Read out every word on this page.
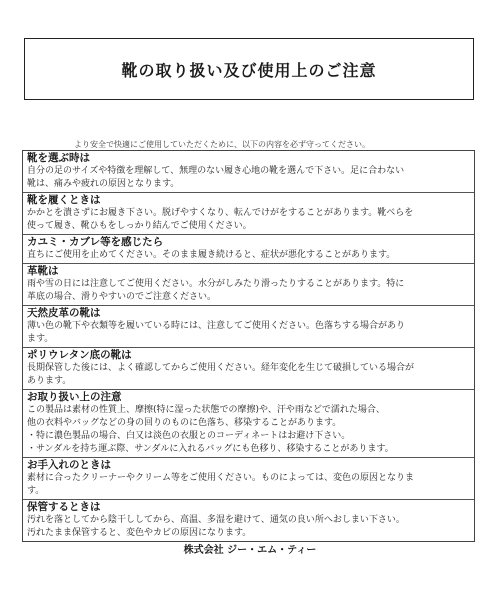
靴の取り扱い及び使用上のご注意
より安全で快適にご使用していただくために、以下の内容を必ず守ってください。
靴を選ぶ時は
自分の足のサイズや特徴を理解して、無理のない履き心地の靴を選んで下さい。足に合わない
靴は、痛みや疲れの原因となります。
靴を履くときは
かかとを潰さずにお履き下さい。脱げやすくなり、転んでけがをすることがあります。靴べらを
使って履き、靴ひもをしっかり結んでご使用ください。
カユミ・カブレ等を感じたら
直ちにご使用を止めてください。そのまま履き続けると、症状が悪化することがあります。
革靴は
雨や雪の日には注意してご使用ください。水分がしみたり滑ったりすることがあります。特に
革底の場合、滑りやすいのでご注意ください。
天然皮革の靴は
薄い色の靴下や衣類等を履いている時には、注意してご使用ください。色落ちする場合があり
ます。
ポリウレタン底の靴は
長期保管した後には、よく確認してからご使用ください。経年変化を生じて破損している場合が
あります。
お取り扱い上の注意
この製品は素材の性質上、摩擦(特に湿った状態での摩擦)や、汗や雨などで濡れた場合、
他の衣料やバッグなどの身の回りのものに色落ち、移染することがあります。
・特に濃色製品の場合、白又は淡色の衣服とのコーディネートはお避け下さい。
・サンダルを持ち運ぶ際、サンダルに入れるバッグにも色移り、移染することがあります。
お手入れのときは
素材に合ったクリーナーやクリーム等をご使用ください。ものによっては、変色の原因となりま
す。
保管するときは
汚れを落としてから陰干ししてから、高温、多湿を避けて、通気の良い所へおしまい下さい。
汚れたまま保管すると、変色やカビの原因になります。
株式会社 ジー・エム・ティー
